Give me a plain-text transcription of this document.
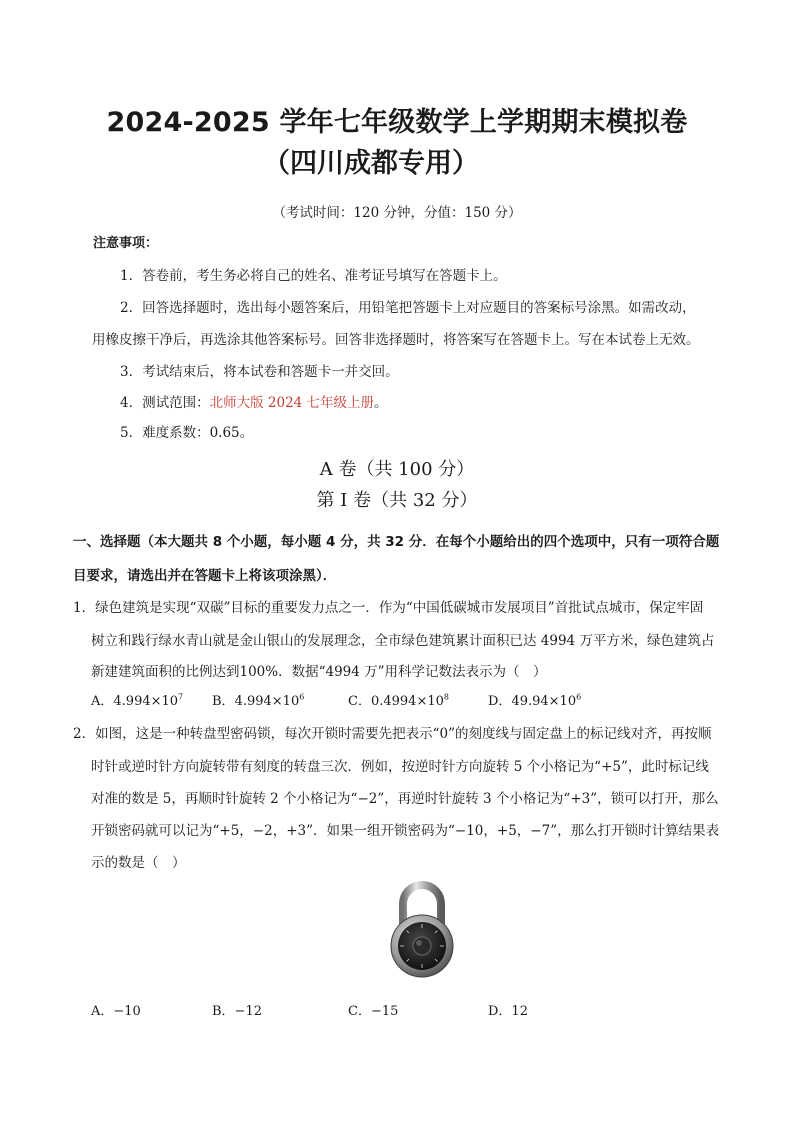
2024-2025 学年七年级数学上学期期末模拟卷
（四川成都专用）
（考试时间：120 分钟，分值：150 分）
注意事项：
1．答卷前，考生务必将自己的姓名、准考证号填写在答题卡上。
2．回答选择题时，选出每小题答案后，用铅笔把答题卡上对应题目的答案标号涂黑。如需改动，
用橡皮擦干净后，再选涂其他答案标号。回答非选择题时，将答案写在答题卡上。写在本试卷上无效。
3．考试结束后，将本试卷和答题卡一并交回。
4．测试范围：北师大版 2024 七年级上册。
5．难度系数：0.65。
A 卷（共 100 分）
第 I 卷（共 32 分）
一、选择题（本大题共 8 个小题，每小题 4 分，共 32 分．在每个小题给出的四个选项中，只有一项符合题
目要求，请选出并在答题卡上将该项涂黑）．
1．绿色建筑是实现“双碳”目标的重要发力点之一．作为“中国低碳城市发展项目”首批试点城市，保定牢固
树立和践行绿水青山就是金山银山的发展理念，全市绿色建筑累计面积已达 4994 万平方米，绿色建筑占
新建建筑面积的比例达到100%．数据“4994 万”用科学记数法表示为（　）
A．$4.994\times 10^7$ B．$4.994\times 10^6$	C．$0.4994\times 10^8$	D．$49.94\times 10^6$
2．如图，这是一种转盘型密码锁，每次开锁时需要先把表示“0”的刻度线与固定盘上的标记线对齐，再按顺
时针或逆时针方向旋转带有刻度的转盘三次．例如，按逆时针方向旋转 5 个小格记为“+5”，此时标记线
对准的数是 5，再顺时针旋转 2 个小格记为“−2”，再逆时针旋转 3 个小格记为“+3”，锁可以打开，那么
开锁密码就可以记为“+5，−2，+3”．如果一组开锁密码为“−10，+5，−7”，那么打开锁时计算结果表
示的数是（　）
A．−10	B．−12	C．−15	D．12
